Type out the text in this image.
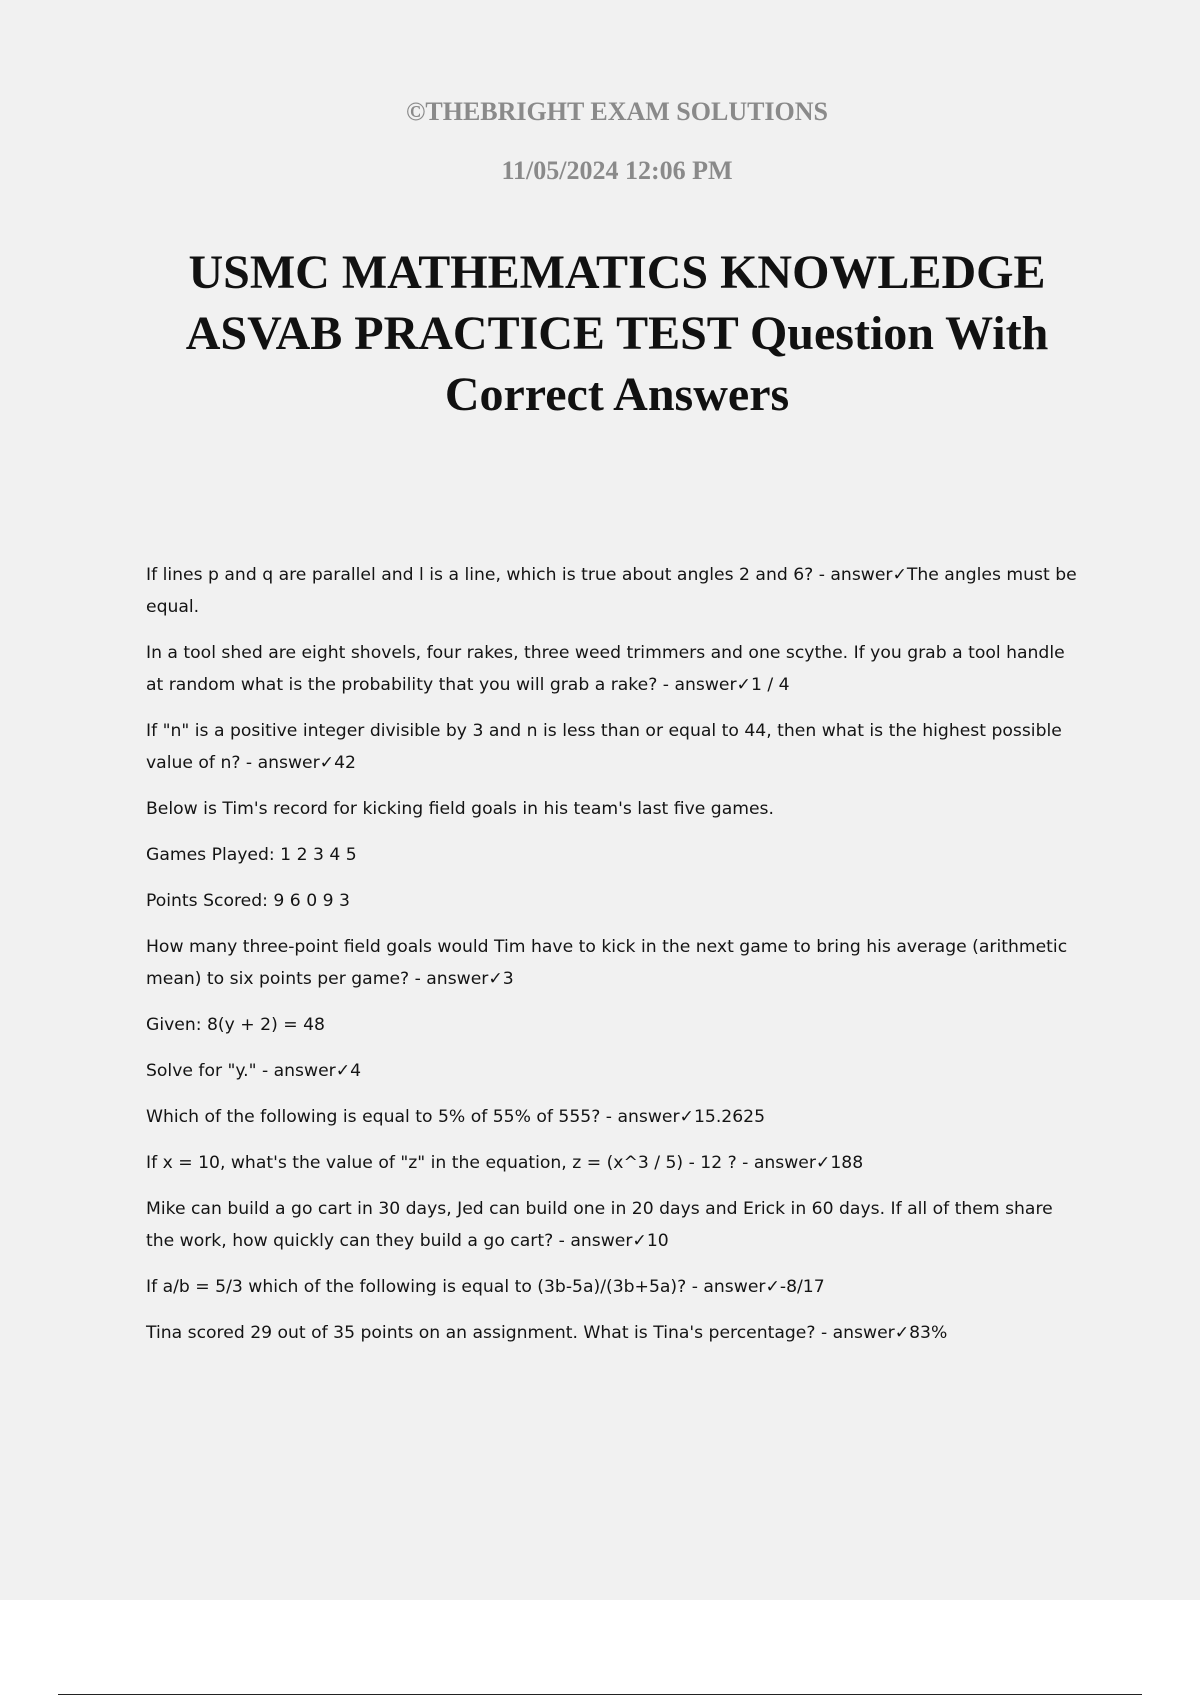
©THEBRIGHT EXAM SOLUTIONS

11/05/2024 12:06 PM

USMC MATHEMATICS KNOWLEDGE ASVAB PRACTICE TEST Question With Correct Answers

If lines p and q are parallel and l is a line, which is true about angles 2 and 6? - answer✓The angles must be equal.

In a tool shed are eight shovels, four rakes, three weed trimmers and one scythe. If you grab a tool handle at random what is the probability that you will grab a rake? - answer✓1 / 4

If "n" is a positive integer divisible by 3 and n is less than or equal to 44, then what is the highest possible value of n? - answer✓42

Below is Tim's record for kicking field goals in his team's last five games.

Games Played: 1 2 3 4 5

Points Scored: 9 6 0 9 3

How many three-point field goals would Tim have to kick in the next game to bring his average (arithmetic mean) to six points per game? - answer✓3

Given: 8(y + 2) = 48

Solve for "y." - answer✓4

Which of the following is equal to 5% of 55% of 555? - answer✓15.2625

If x = 10, what's the value of "z" in the equation, z = (x^3 / 5) - 12 ? - answer✓188

Mike can build a go cart in 30 days, Jed can build one in 20 days and Erick in 60 days. If all of them share the work, how quickly can they build a go cart? - answer✓10

If a/b = 5/3 which of the following is equal to (3b-5a)/(3b+5a)? - answer✓-8/17

Tina scored 29 out of 35 points on an assignment. What is Tina's percentage? - answer✓83%
